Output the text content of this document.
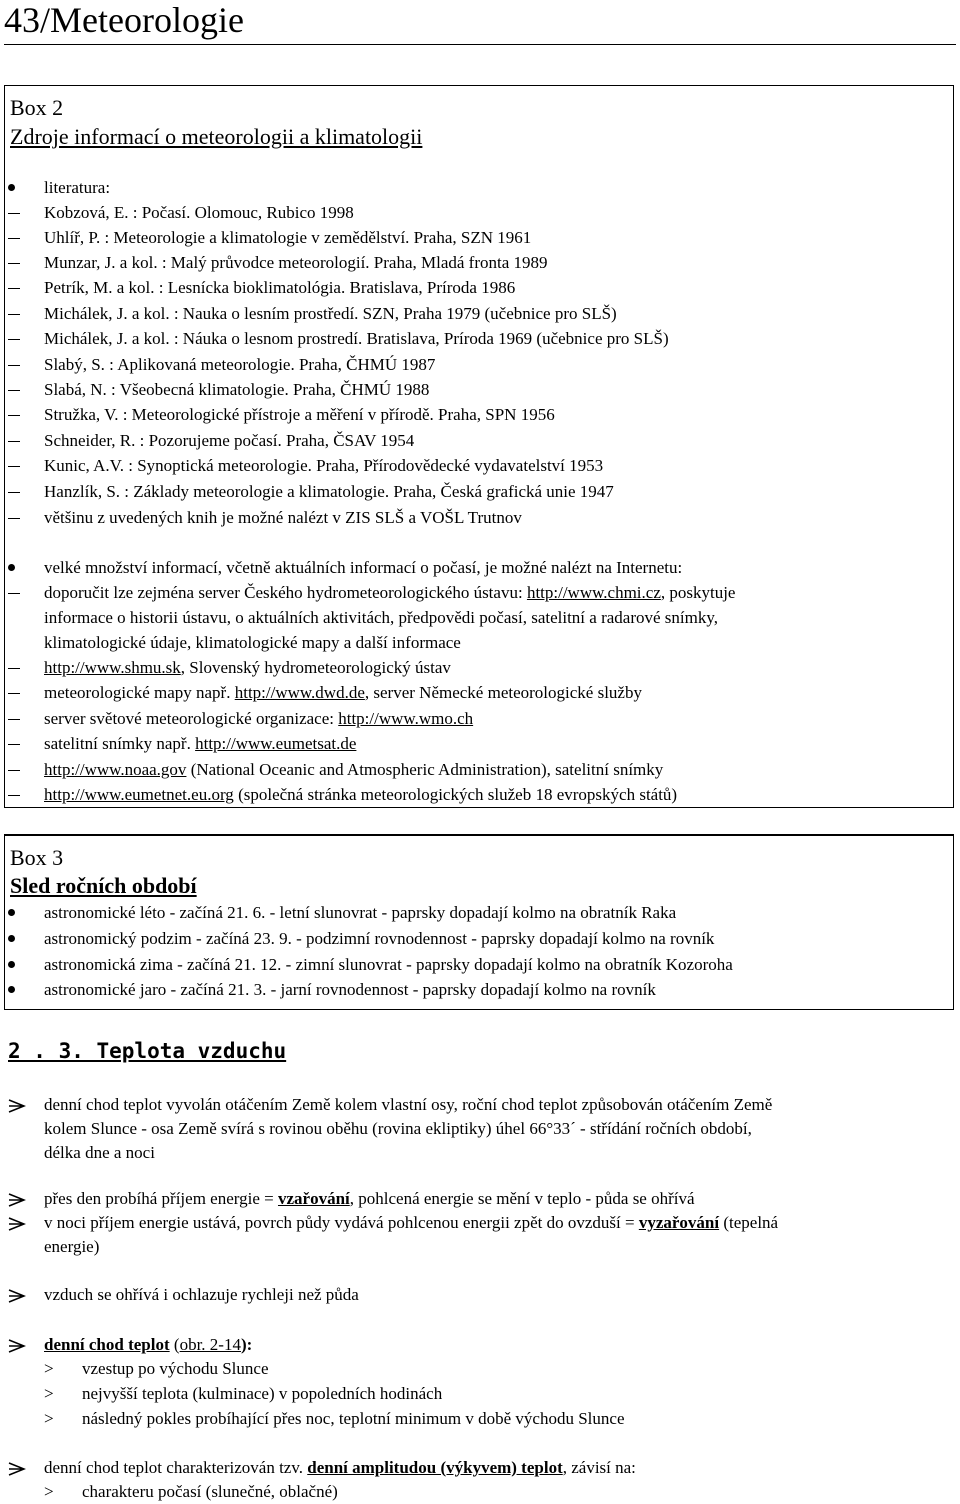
43/Meteorologie
Box 2
Zdroje informací o meteorologii a klimatologii
literatura:
Kobzová, E. : Počasí. Olomouc, Rubico 1998
Uhlíř, P. : Meteorologie a klimatologie v zemědělství. Praha, SZN 1961
Munzar, J. a kol. : Malý průvodce meteorologií. Praha, Mladá fronta 1989
Petrík, M. a kol. : Lesnícka bioklimatológia. Bratislava, Príroda 1986
Michálek, J. a kol. : Nauka o lesním prostředí. SZN, Praha 1979 (učebnice pro SLŠ)
Michálek, J. a kol. : Náuka o lesnom prostredí. Bratislava, Príroda 1969 (učebnice pro SLŠ)
Slabý, S. : Aplikovaná meteorologie. Praha, ČHMÚ 1987
Slabá, N. : Všeobecná klimatologie. Praha, ČHMÚ 1988
Stružka, V. : Meteorologické přístroje a měření v přírodě. Praha, SPN 1956
Schneider, R. : Pozorujeme počasí. Praha, ČSAV 1954
Kunic, A.V. : Synoptická meteorologie. Praha, Přírodovědecké vydavatelství 1953
Hanzlík, S. : Základy meteorologie a klimatologie. Praha, Česká grafická unie 1947
většinu z uvedených knih je možné nalézt v ZIS SLŠ a VOŠL Trutnov
velké množství informací, včetně aktuálních informací o počasí, je možné nalézt na Internetu:
doporučit lze zejména server Českého hydrometeorologického ústavu: http://www.chmi.cz, poskytuje
informace o historii ústavu, o aktuálních aktivitách, předpovědi počasí, satelitní a radarové snímky,
klimatologické údaje, klimatologické mapy a další informace
http://www.shmu.sk, Slovenský hydrometeorologický ústav
meteorologické mapy např. http://www.dwd.de, server Německé meteorologické služby
server světové meteorologické organizace: http://www.wmo.ch
satelitní snímky např. http://www.eumetsat.de
http://www.noaa.gov (National Oceanic and Atmospheric Administration), satelitní snímky
http://www.eumetnet.eu.org (společná stránka meteorologických služeb 18 evropských států)
Box 3
Sled ročních období
astronomické léto - začíná 21. 6. - letní slunovrat - paprsky dopadají kolmo na obratník Raka
astronomický podzim - začíná 23. 9. - podzimní rovnodennost - paprsky dopadají kolmo na rovník
astronomická zima - začíná 21. 12. - zimní slunovrat - paprsky dopadají kolmo na obratník Kozoroha
astronomické jaro - začíná 21. 3. - jarní rovnodennost - paprsky dopadají kolmo na rovník
2 . 3. Teplota vzduchu
denní chod teplot vyvolán otáčením Země kolem vlastní osy, roční chod teplot způsobován otáčením Země
kolem Slunce - osa Země svírá s rovinou oběhu (rovina ekliptiky) úhel 66°33´ - střídání ročních období,
délka dne a noci
přes den probíhá příjem energie = vzařování, pohlcená energie se mění v teplo - půda se ohřívá
v noci příjem energie ustává, povrch půdy vydává pohlcenou energii zpět do ovzduší = vyzařování (tepelná
energie)
vzduch se ohřívá i ochlazuje rychleji než půda
denní chod teplot (obr. 2-14):
> vzestup po východu Slunce
> nejvyšší teplota (kulminace) v popoledních hodinách
> následný pokles probíhající přes noc, teplotní minimum v době východu Slunce
denní chod teplot charakterizován tzv. denní amplitudou (výkyvem) teplot, závisí na:
> charakteru počasí (slunečné, oblačné)
